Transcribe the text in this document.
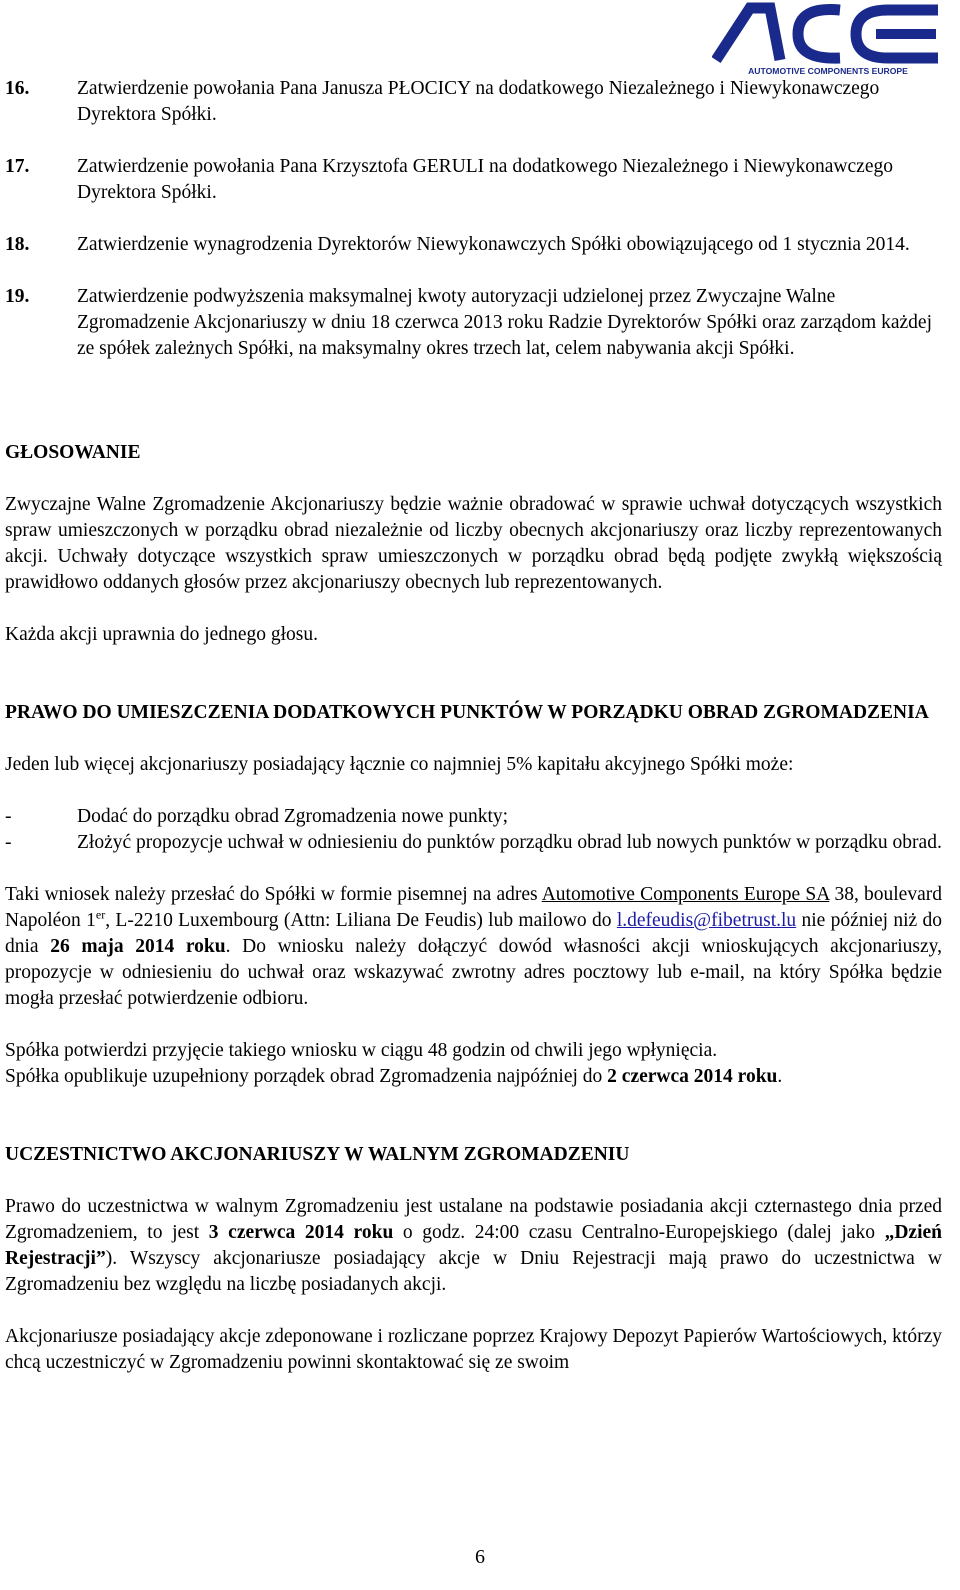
AUTOMOTIVE COMPONENTS EUROPE
16. Zatwierdzenie powołania Pana Janusza PŁOCICY na dodatkowego Niezależnego i Niewykonawczego Dyrektora Spółki.
17. Zatwierdzenie powołania Pana Krzysztofa GERULI na dodatkowego Niezależnego i Niewykonawczego Dyrektora Spółki.
18. Zatwierdzenie wynagrodzenia Dyrektorów Niewykonawczych Spółki obowiązującego od 1 stycznia 2014.
19. Zatwierdzenie podwyższenia maksymalnej kwoty autoryzacji udzielonej przez Zwyczajne Walne Zgromadzenie Akcjonariuszy w dniu 18 czerwca 2013 roku Radzie Dyrektorów Spółki oraz zarządom każdej ze spółek zależnych Spółki, na maksymalny okres trzech lat, celem nabywania akcji Spółki.

GŁOSOWANIE

Zwyczajne Walne Zgromadzenie Akcjonariuszy będzie ważnie obradować w sprawie uchwał dotyczących wszystkich spraw umieszczonych w porządku obrad niezależnie od liczby obecnych akcjonariuszy oraz liczby reprezentowanych akcji. Uchwały dotyczące wszystkich spraw umieszczonych w porządku obrad będą podjęte zwykłą większością prawidłowo oddanych głosów przez akcjonariuszy obecnych lub reprezentowanych.

Każda akcji uprawnia do jednego głosu.

PRAWO DO UMIESZCZENIA DODATKOWYCH PUNKTÓW W PORZĄDKU OBRAD ZGROMADZENIA

Jeden lub więcej akcjonariuszy posiadający łącznie co najmniej 5% kapitału akcyjnego Spółki może:

-	Dodać do porządku obrad Zgromadzenia nowe punkty;
-	Złożyć propozycje uchwał w odniesieniu do punktów porządku obrad lub nowych punktów w porządku obrad.

Taki wniosek należy przesłać do Spółki w formie pisemnej na adres Automotive Components Europe SA 38, boulevard Napoléon 1er, L-2210 Luxembourg (Attn: Liliana De Feudis) lub mailowo do l.defeudis@fibetrust.lu nie później niż do dnia 26 maja 2014 roku. Do wniosku należy dołączyć dowód własności akcji wnioskujących akcjonariuszy, propozycje w odniesieniu do uchwał oraz wskazywać zwrotny adres pocztowy lub e-mail, na który Spółka będzie mogła przesłać potwierdzenie odbioru.

Spółka potwierdzi przyjęcie takiego wniosku w ciągu 48 godzin od chwili jego wpłynięcia.

Spółka opublikuje uzupełniony porządek obrad Zgromadzenia najpóźniej do 2 czerwca 2014 roku.

UCZESTNICTWO AKCJONARIUSZY W WALNYM ZGROMADZENIU

Prawo do uczestnictwa w walnym Zgromadzeniu jest ustalane na podstawie posiadania akcji czternastego dnia przed Zgromadzeniem, to jest 3 czerwca 2014 roku o godz. 24:00 czasu Centralno-Europejskiego (dalej jako „Dzień Rejestracji”). Wszyscy akcjonariusze posiadający akcje w Dniu Rejestracji mają prawo do uczestnictwa w Zgromadzeniu bez względu na liczbę posiadanych akcji.

Akcjonariusze posiadający akcje zdeponowane i rozliczane poprzez Krajowy Depozyt Papierów Wartościowych, którzy chcą uczestniczyć w Zgromadzeniu powinni skontaktować się ze swoim

6
